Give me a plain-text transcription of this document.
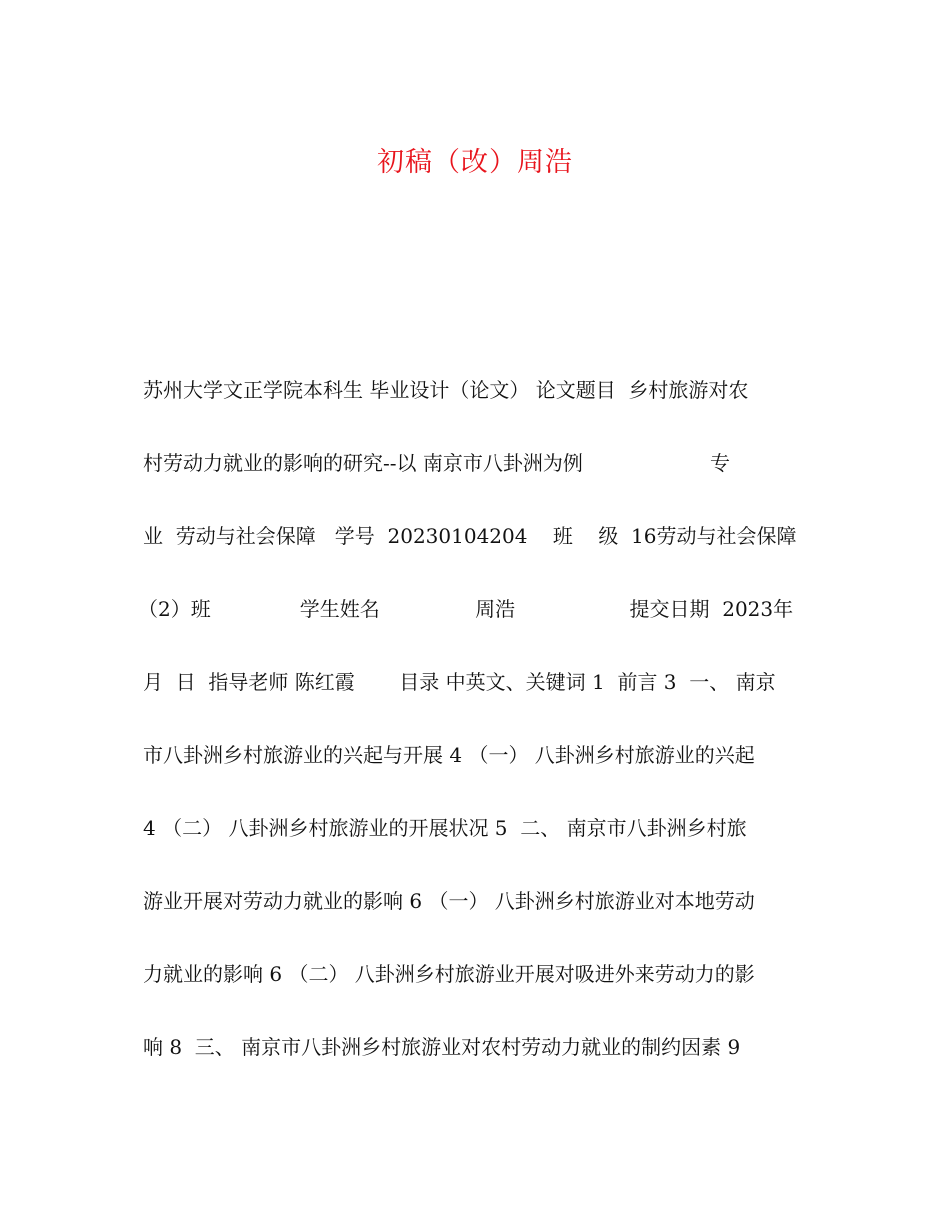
初稿（改）周浩
苏州大学文正学院本科生 毕业设计（论文） 论文题目  乡村旅游对农
村劳动力就业的影响的研究--以 南京市八卦洲为例                    专
业  劳动与社会保障   学号  20230104204    班    级  16劳动与社会保障
（2）班              学生姓名               周浩                  提交日期  2023年
月  日  指导老师 陈红霞       目录 中英文、关键词 1  前言 3  一、 南京
市八卦洲乡村旅游业的兴起与开展 4 （一） 八卦洲乡村旅游业的兴起
4 （二） 八卦洲乡村旅游业的开展状况 5  二、 南京市八卦洲乡村旅
游业开展对劳动力就业的影响 6 （一） 八卦洲乡村旅游业对本地劳动
力就业的影响 6 （二） 八卦洲乡村旅游业开展对吸进外来劳动力的影
响 8  三、 南京市八卦洲乡村旅游业对农村劳动力就业的制约因素 9
